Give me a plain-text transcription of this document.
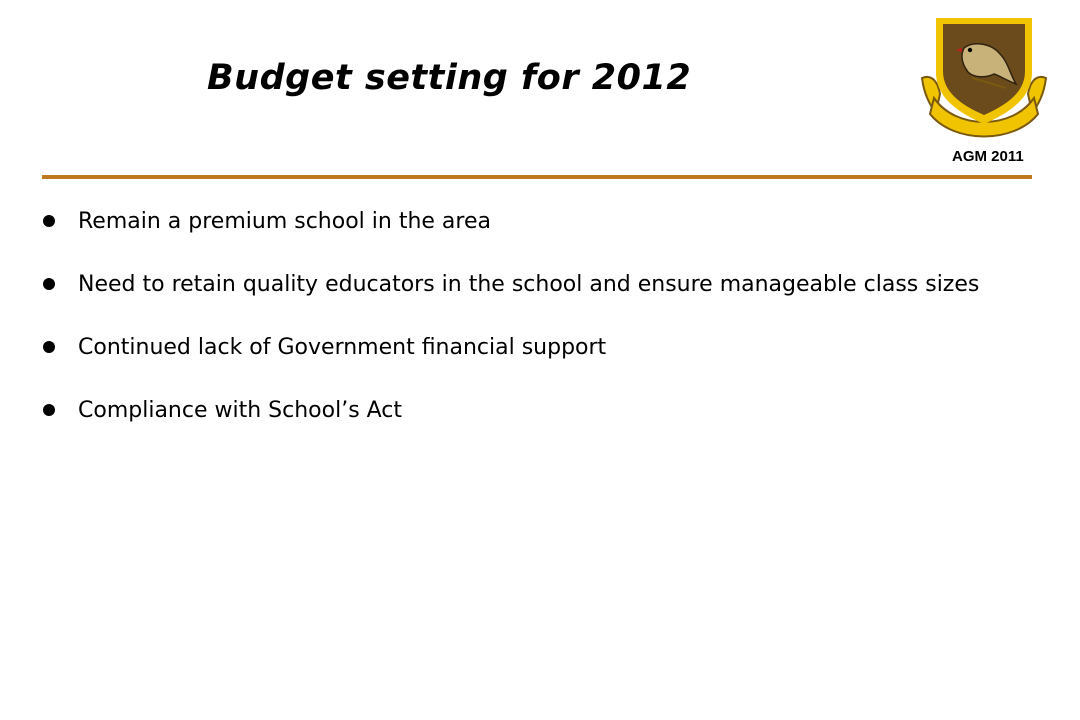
Budget setting for 2012
AGM 2011
Remain a premium school in the area
Need to retain quality educators in the school and ensure manageable class sizes
Continued lack of Government financial support
Compliance with School’s Act
